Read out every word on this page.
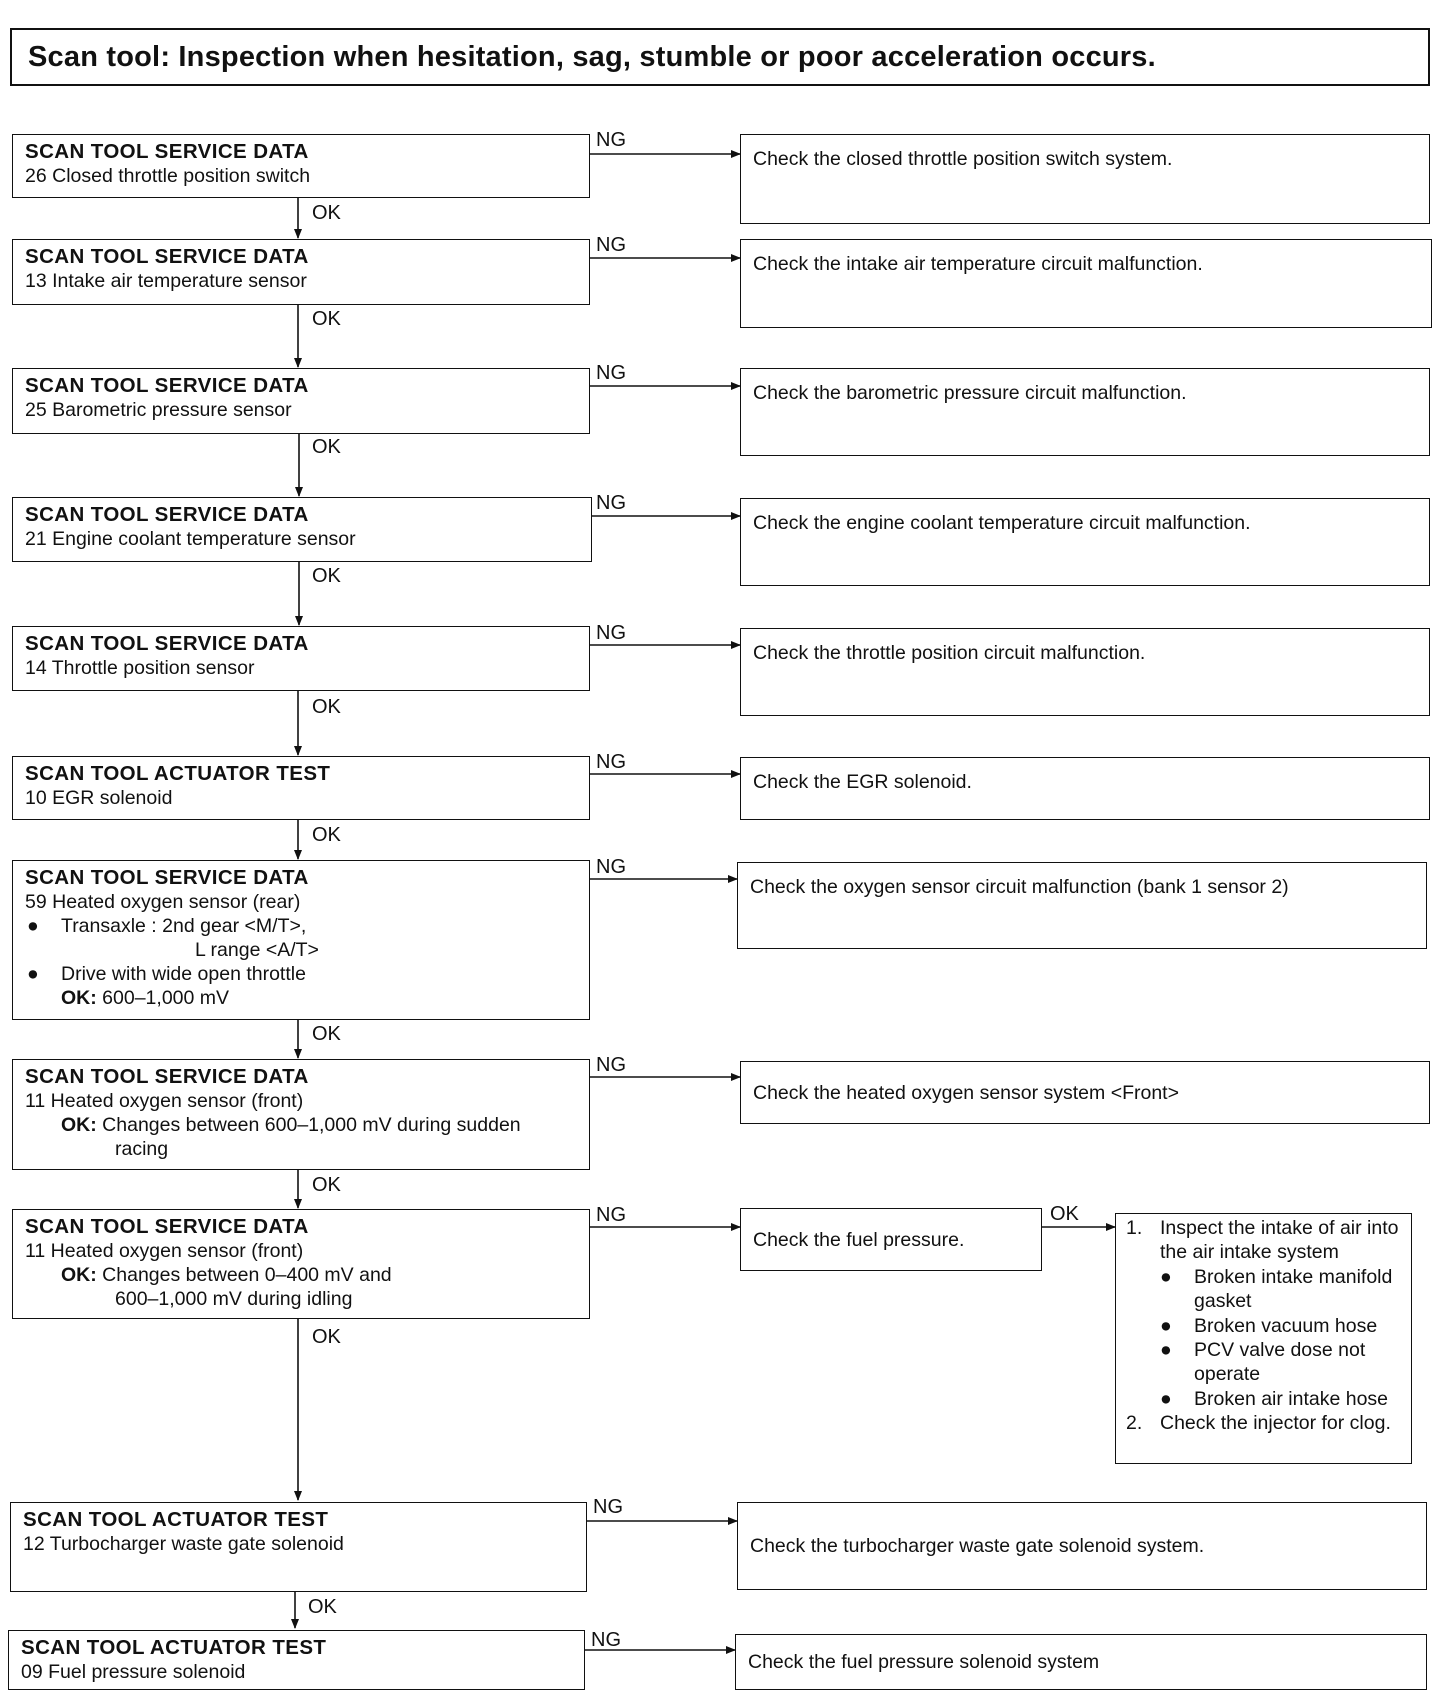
Scan tool: Inspection when hesitation, sag, stumble or poor acceleration occurs.
SCAN TOOL SERVICE DATA
26 Closed throttle position switch
NG
Check the closed throttle position switch system.
OK
SCAN TOOL SERVICE DATA
13 Intake air temperature sensor
NG
Check the intake air temperature circuit malfunction.
OK
SCAN TOOL SERVICE DATA
25 Barometric pressure sensor
NG
Check the barometric pressure circuit malfunction.
OK
SCAN TOOL SERVICE DATA
21 Engine coolant temperature sensor
NG
Check the engine coolant temperature circuit malfunction.
OK
SCAN TOOL SERVICE DATA
14 Throttle position sensor
NG
Check the throttle position circuit malfunction.
OK
SCAN TOOL ACTUATOR TEST
10 EGR solenoid
NG
Check the EGR solenoid.
OK
SCAN TOOL SERVICE DATA
59 Heated oxygen sensor (rear)
● Transaxle : 2nd gear <M/T>,
L range <A/T>
● Drive with wide open throttle
OK: 600–1,000 mV
NG
Check the oxygen sensor circuit malfunction (bank 1 sensor 2)
OK
SCAN TOOL SERVICE DATA
11 Heated oxygen sensor (front)
OK: Changes between 600–1,000 mV during sudden racing
NG
Check the heated oxygen sensor system <Front>
OK
SCAN TOOL SERVICE DATA
11 Heated oxygen sensor (front)
OK: Changes between 0–400 mV and
600–1,000 mV during idling
NG
Check the fuel pressure.
OK
OK
1. Inspect the intake of air into the air intake system
●	Broken intake manifold gasket
●	Broken vacuum hose
●	PCV valve dose not operate
●	Broken air intake hose
2. Check the injector for clog.
SCAN TOOL ACTUATOR TEST
12 Turbocharger waste gate solenoid
NG
Check the turbocharger waste gate solenoid system.
OK
SCAN TOOL ACTUATOR TEST
09 Fuel pressure solenoid
NG
Check the fuel pressure solenoid system
